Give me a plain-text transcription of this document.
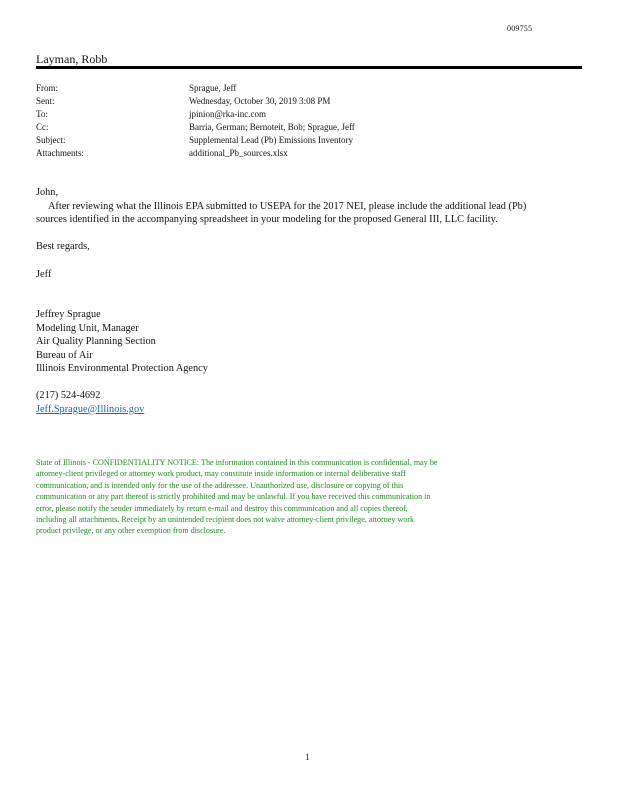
009755
Layman, Robb
From:	Sprague, Jeff
Sent:	Wednesday, October 30, 2019 3:08 PM
To:	jpinion@rka-inc.com
Cc:	Barria, German; Bernoteit, Bob; Sprague, Jeff
Subject:	Supplemental Lead (Pb) Emissions Inventory
Attachments:	additional_Pb_sources.xlsx

John,

After reviewing what the Illinois EPA submitted to USEPA for the 2017 NEI, please include the additional lead (Pb)

sources identified in the accompanying spreadsheet in your modeling for the proposed General III, LLC facility.

Best regards,

Jeff

Jeffrey Sprague

Modeling Unit, Manager

Air Quality Planning Section

Bureau of Air

Illinois Environmental Protection Agency

(217) 524-4692

Jeff.Sprague@Illinois.gov

State of Illinois - CONFIDENTIALITY NOTICE: The information contained in this communication is confidential, may be

attorney-client privileged or attorney work product, may constitute inside information or internal deliberative staff

communication, and is intended only for the use of the addressee. Unauthorized use, disclosure or copying of this

communication or any part thereof is strictly prohibited and may be unlawful. If you have received this communication in

error, please notify the sender immediately by return e-mail and destroy this communication and all copies thereof,

including all attachments. Receipt by an unintended recipient does not waive attorney-client privilege, attorney work

product privilege, or any other exemption from disclosure.

1
